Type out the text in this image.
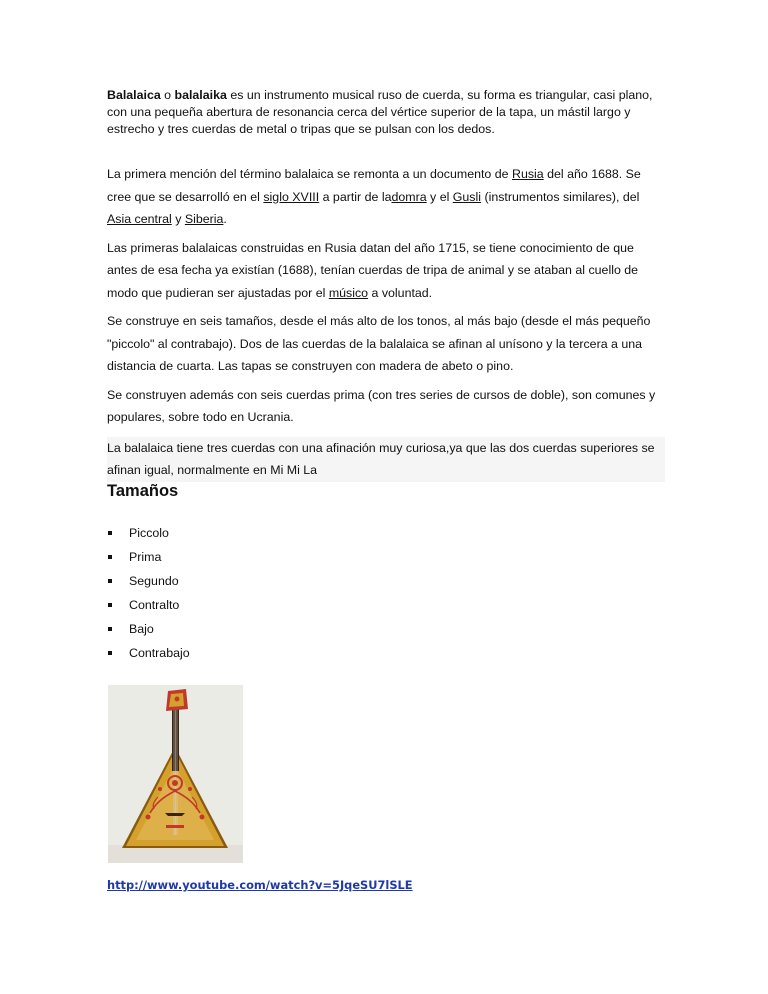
Balalaica o balalaika es un instrumento musical ruso de cuerda, su forma es triangular, casi plano, con una pequeña abertura de resonancia cerca del vértice superior de la tapa, un mástil largo y estrecho y tres cuerdas de metal o tripas que se pulsan con los dedos.

La primera mención del término balalaica se remonta a un documento de Rusia del año 1688. Se cree que se desarrolló en el siglo XVIII a partir de ladomra y el Gusli (instrumentos similares), del Asia central y Siberia.

Las primeras balalaicas construidas en Rusia datan del año 1715, se tiene conocimiento de que antes de esa fecha ya existían (1688), tenían cuerdas de tripa de animal y se ataban al cuello de modo que pudieran ser ajustadas por el músico a voluntad.

Se construye en seis tamaños, desde el más alto de los tonos, al más bajo (desde el más pequeño "piccolo" al contrabajo). Dos de las cuerdas de la balalaica se afinan al unísono y la tercera a una distancia de cuarta. Las tapas se construyen con madera de abeto o pino.

Se construyen además con seis cuerdas prima (con tres series de cursos de doble), son comunes y populares, sobre todo en Ucrania.

La balalaica tiene tres cuerdas con una afinación muy curiosa,ya que las dos cuerdas superiores se afinan igual, normalmente en Mi Mi La

Tamaños
Piccolo
Prima
Segundo
Contralto
Bajo
Contrabajo
http://www.youtube.com/watch?v=5JqeSU7lSLE
